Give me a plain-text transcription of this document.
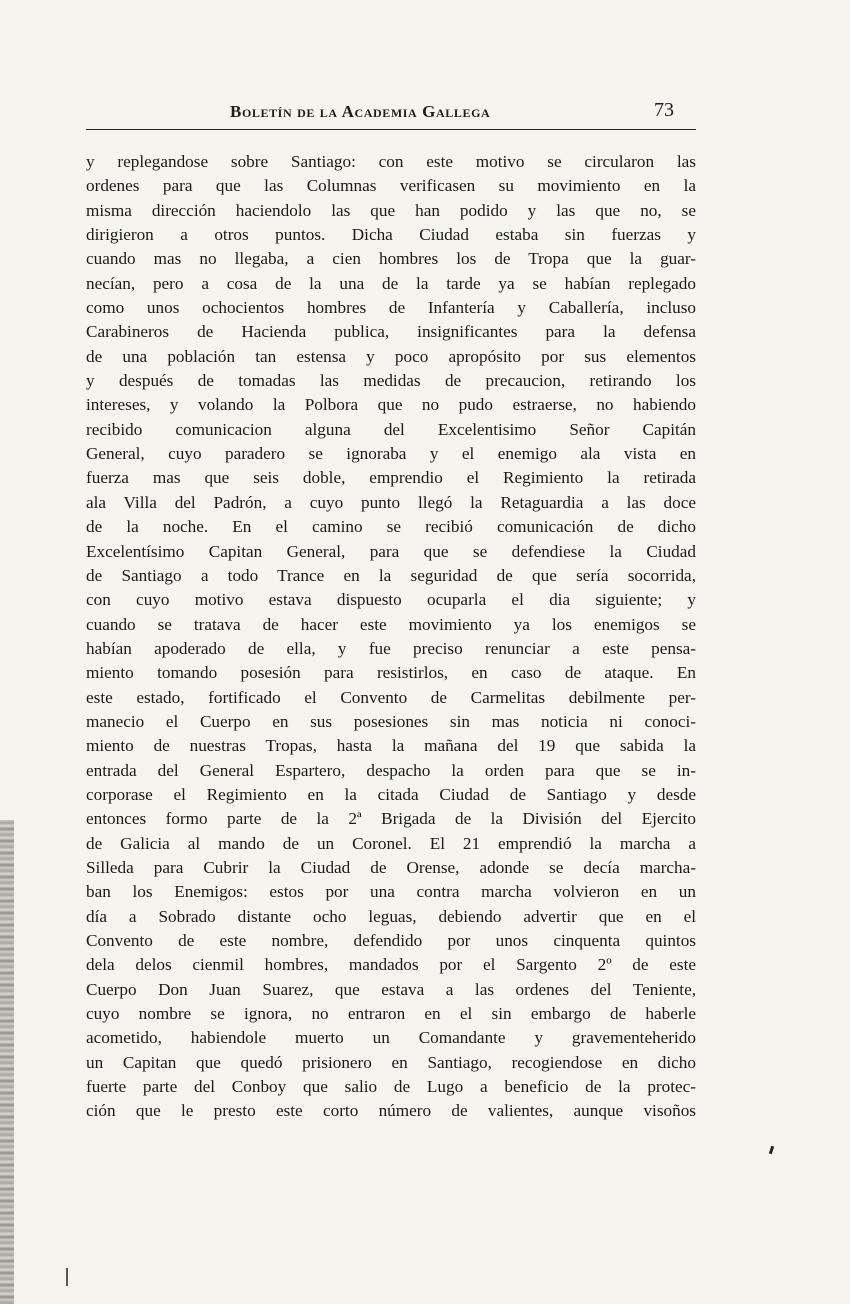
Boletín de la Academia Gallega	73
y replegandose sobre Santiago: con este motivo se circularon las
ordenes para que las Columnas verificasen su movimiento en la
misma dirección haciendolo las que han podido y las que no, se
dirigieron a otros puntos. Dicha Ciudad estaba sin fuerzas y
cuando mas no llegaba, a cien hombres los de Tropa que la guar-
necían, pero a cosa de la una de la tarde ya se habían replegado
como unos ochocientos hombres de Infantería y Caballería, incluso
Carabineros de Hacienda publica, insignificantes para la defensa
de una población tan estensa y poco apropósito por sus elementos
y después de tomadas las medidas de precaucion, retirando los
intereses, y volando la Polbora que no pudo estraerse, no habiendo
recibido comunicacion alguna del Excelentisimo Señor Capitán
General, cuyo paradero se ignoraba y el enemigo ala vista en
fuerza mas que seis doble, emprendio el Regimiento la retirada
ala Villa del Padrón, a cuyo punto llegó la Retaguardia a las doce
de la noche. En el camino se recibió comunicación de dicho
Excelentísimo Capitan General, para que se defendiese la Ciudad
de Santiago a todo Trance en la seguridad de que sería socorrida,
con cuyo motivo estava dispuesto ocuparla el dia siguiente; y
cuando se tratava de hacer este movimiento ya los enemigos se
habían apoderado de ella, y fue preciso renunciar a este pensa-
miento tomando posesión para resistirlos, en caso de ataque. En
este estado, fortificado el Convento de Carmelitas debilmente per-
manecio el Cuerpo en sus posesiones sin mas noticia ni conoci-
miento de nuestras Tropas, hasta la mañana del 19 que sabida la
entrada del General Espartero, despacho la orden para que se in-
corporase el Regimiento en la citada Ciudad de Santiago y desde
entonces formo parte de la 2ª Brigada de la División del Ejercito
de Galicia al mando de un Coronel. El 21 emprendió la marcha a
Silleda para Cubrir la Ciudad de Orense, adonde se decía marcha-
ban los Enemigos: estos por una contra marcha volvieron en un
día a Sobrado distante ocho leguas, debiendo advertir que en el
Convento de este nombre, defendido por unos cinquenta quintos
dela delos cienmil hombres, mandados por el Sargento 2º de este
Cuerpo Don Juan Suarez, que estava a las ordenes del Teniente,
cuyo nombre se ignora, no entraron en el sin embargo de haberle
acometido, habiendole muerto un Comandante y gravementeherido
un Capitan que quedó prisionero en Santiago, recogiendose en dicho
fuerte parte del Conboy que salio de Lugo a beneficio de la protec-
ción que le presto este corto número de valientes, aunque visoños
